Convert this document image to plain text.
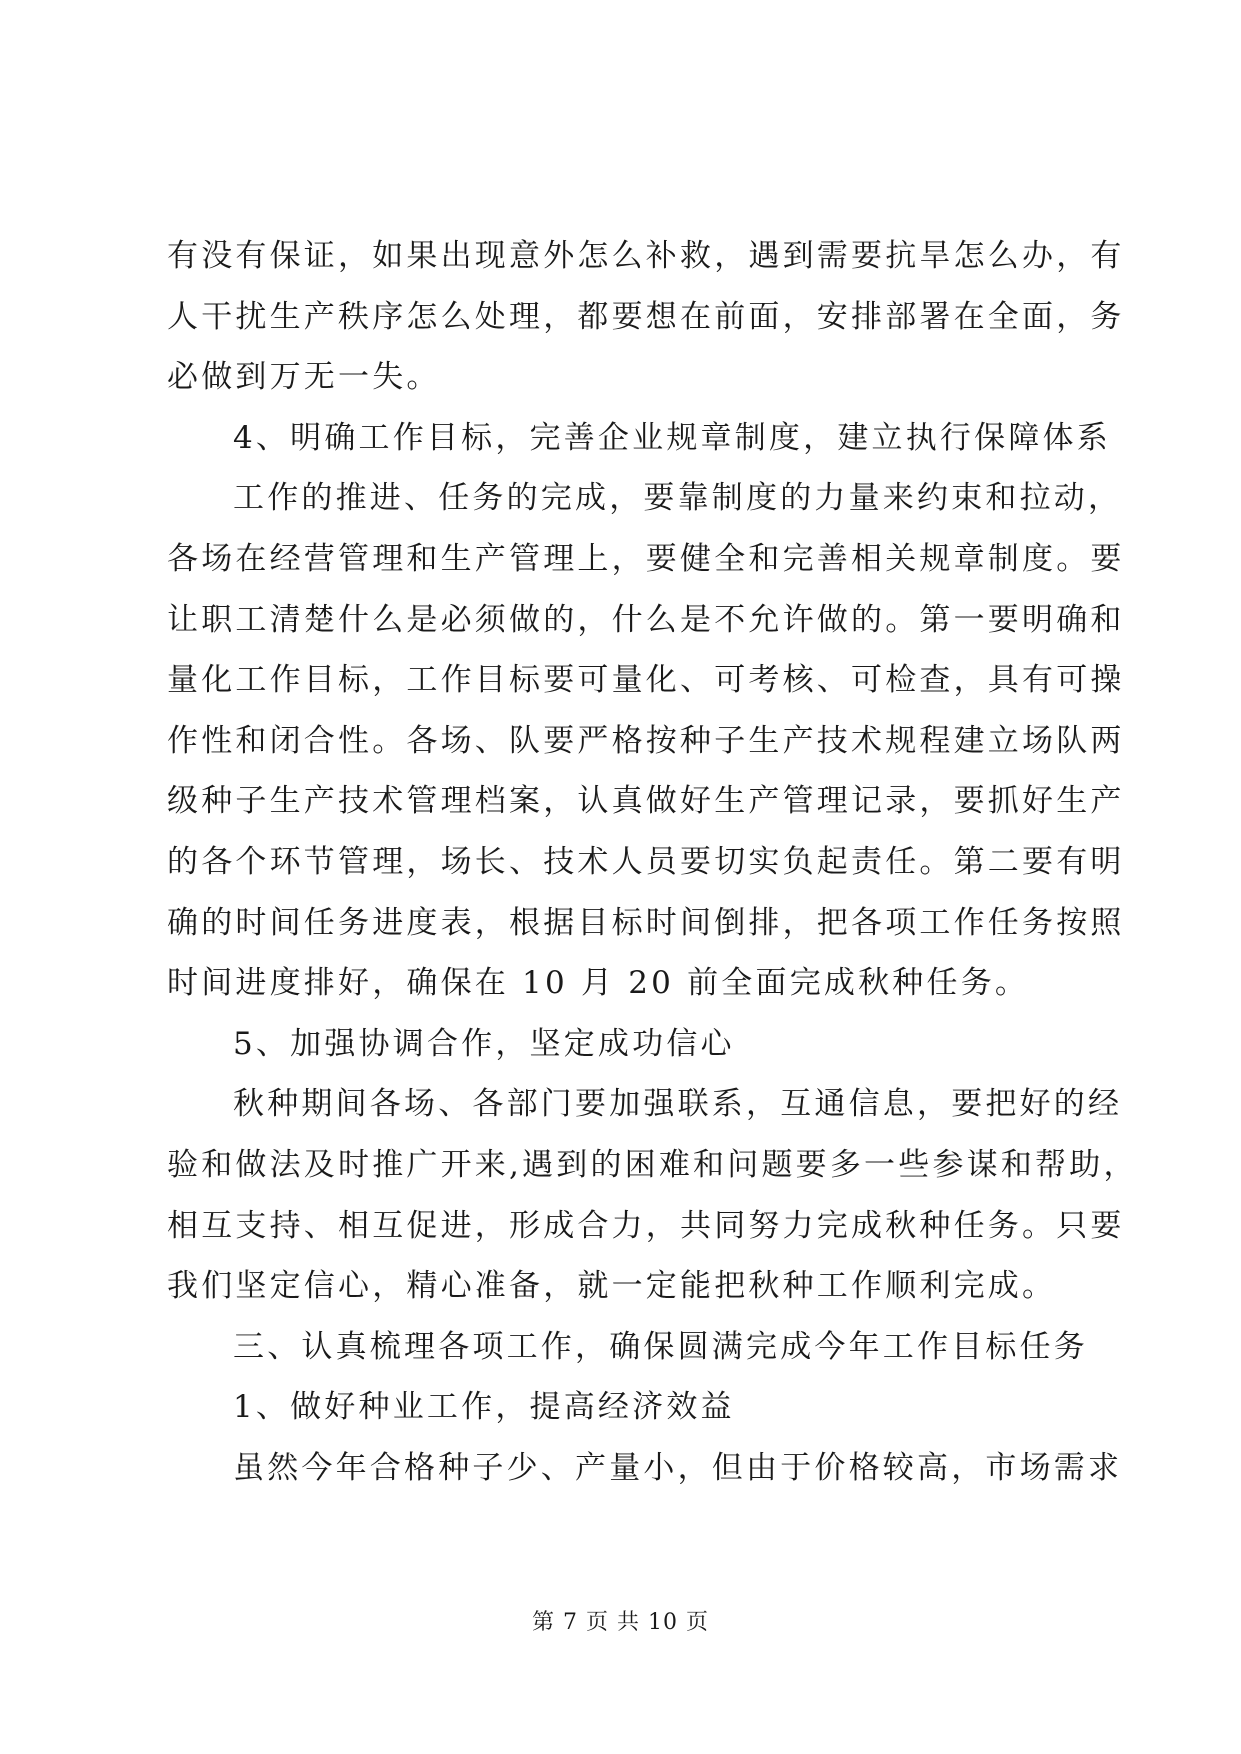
有没有保证，如果出现意外怎么补救，遇到需要抗旱怎么办，有
人干扰生产秩序怎么处理，都要想在前面，安排部署在全面，务
必做到万无一失。
4、明确工作目标，完善企业规章制度，建立执行保障体系
工作的推进、任务的完成，要靠制度的力量来约束和拉动，
各场在经营管理和生产管理上，要健全和完善相关规章制度。要
让职工清楚什么是必须做的，什么是不允许做的。第一要明确和
量化工作目标，工作目标要可量化、可考核、可检查，具有可操
作性和闭合性。各场、队要严格按种子生产技术规程建立场队两
级种子生产技术管理档案，认真做好生产管理记录，要抓好生产
的各个环节管理，场长、技术人员要切实负起责任。第二要有明
确的时间任务进度表，根据目标时间倒排，把各项工作任务按照
时间进度排好，确保在 10 月 20 前全面完成秋种任务。
5、加强协调合作，坚定成功信心
秋种期间各场、各部门要加强联系，互通信息，要把好的经
验和做法及时推广开来,遇到的困难和问题要多一些参谋和帮助，
相互支持、相互促进，形成合力，共同努力完成秋种任务。只要
我们坚定信心，精心准备，就一定能把秋种工作顺利完成。
三、认真梳理各项工作，确保圆满完成今年工作目标任务
1、做好种业工作，提高经济效益
虽然今年合格种子少、产量小，但由于价格较高，市场需求
第 7 页 共 10 页
